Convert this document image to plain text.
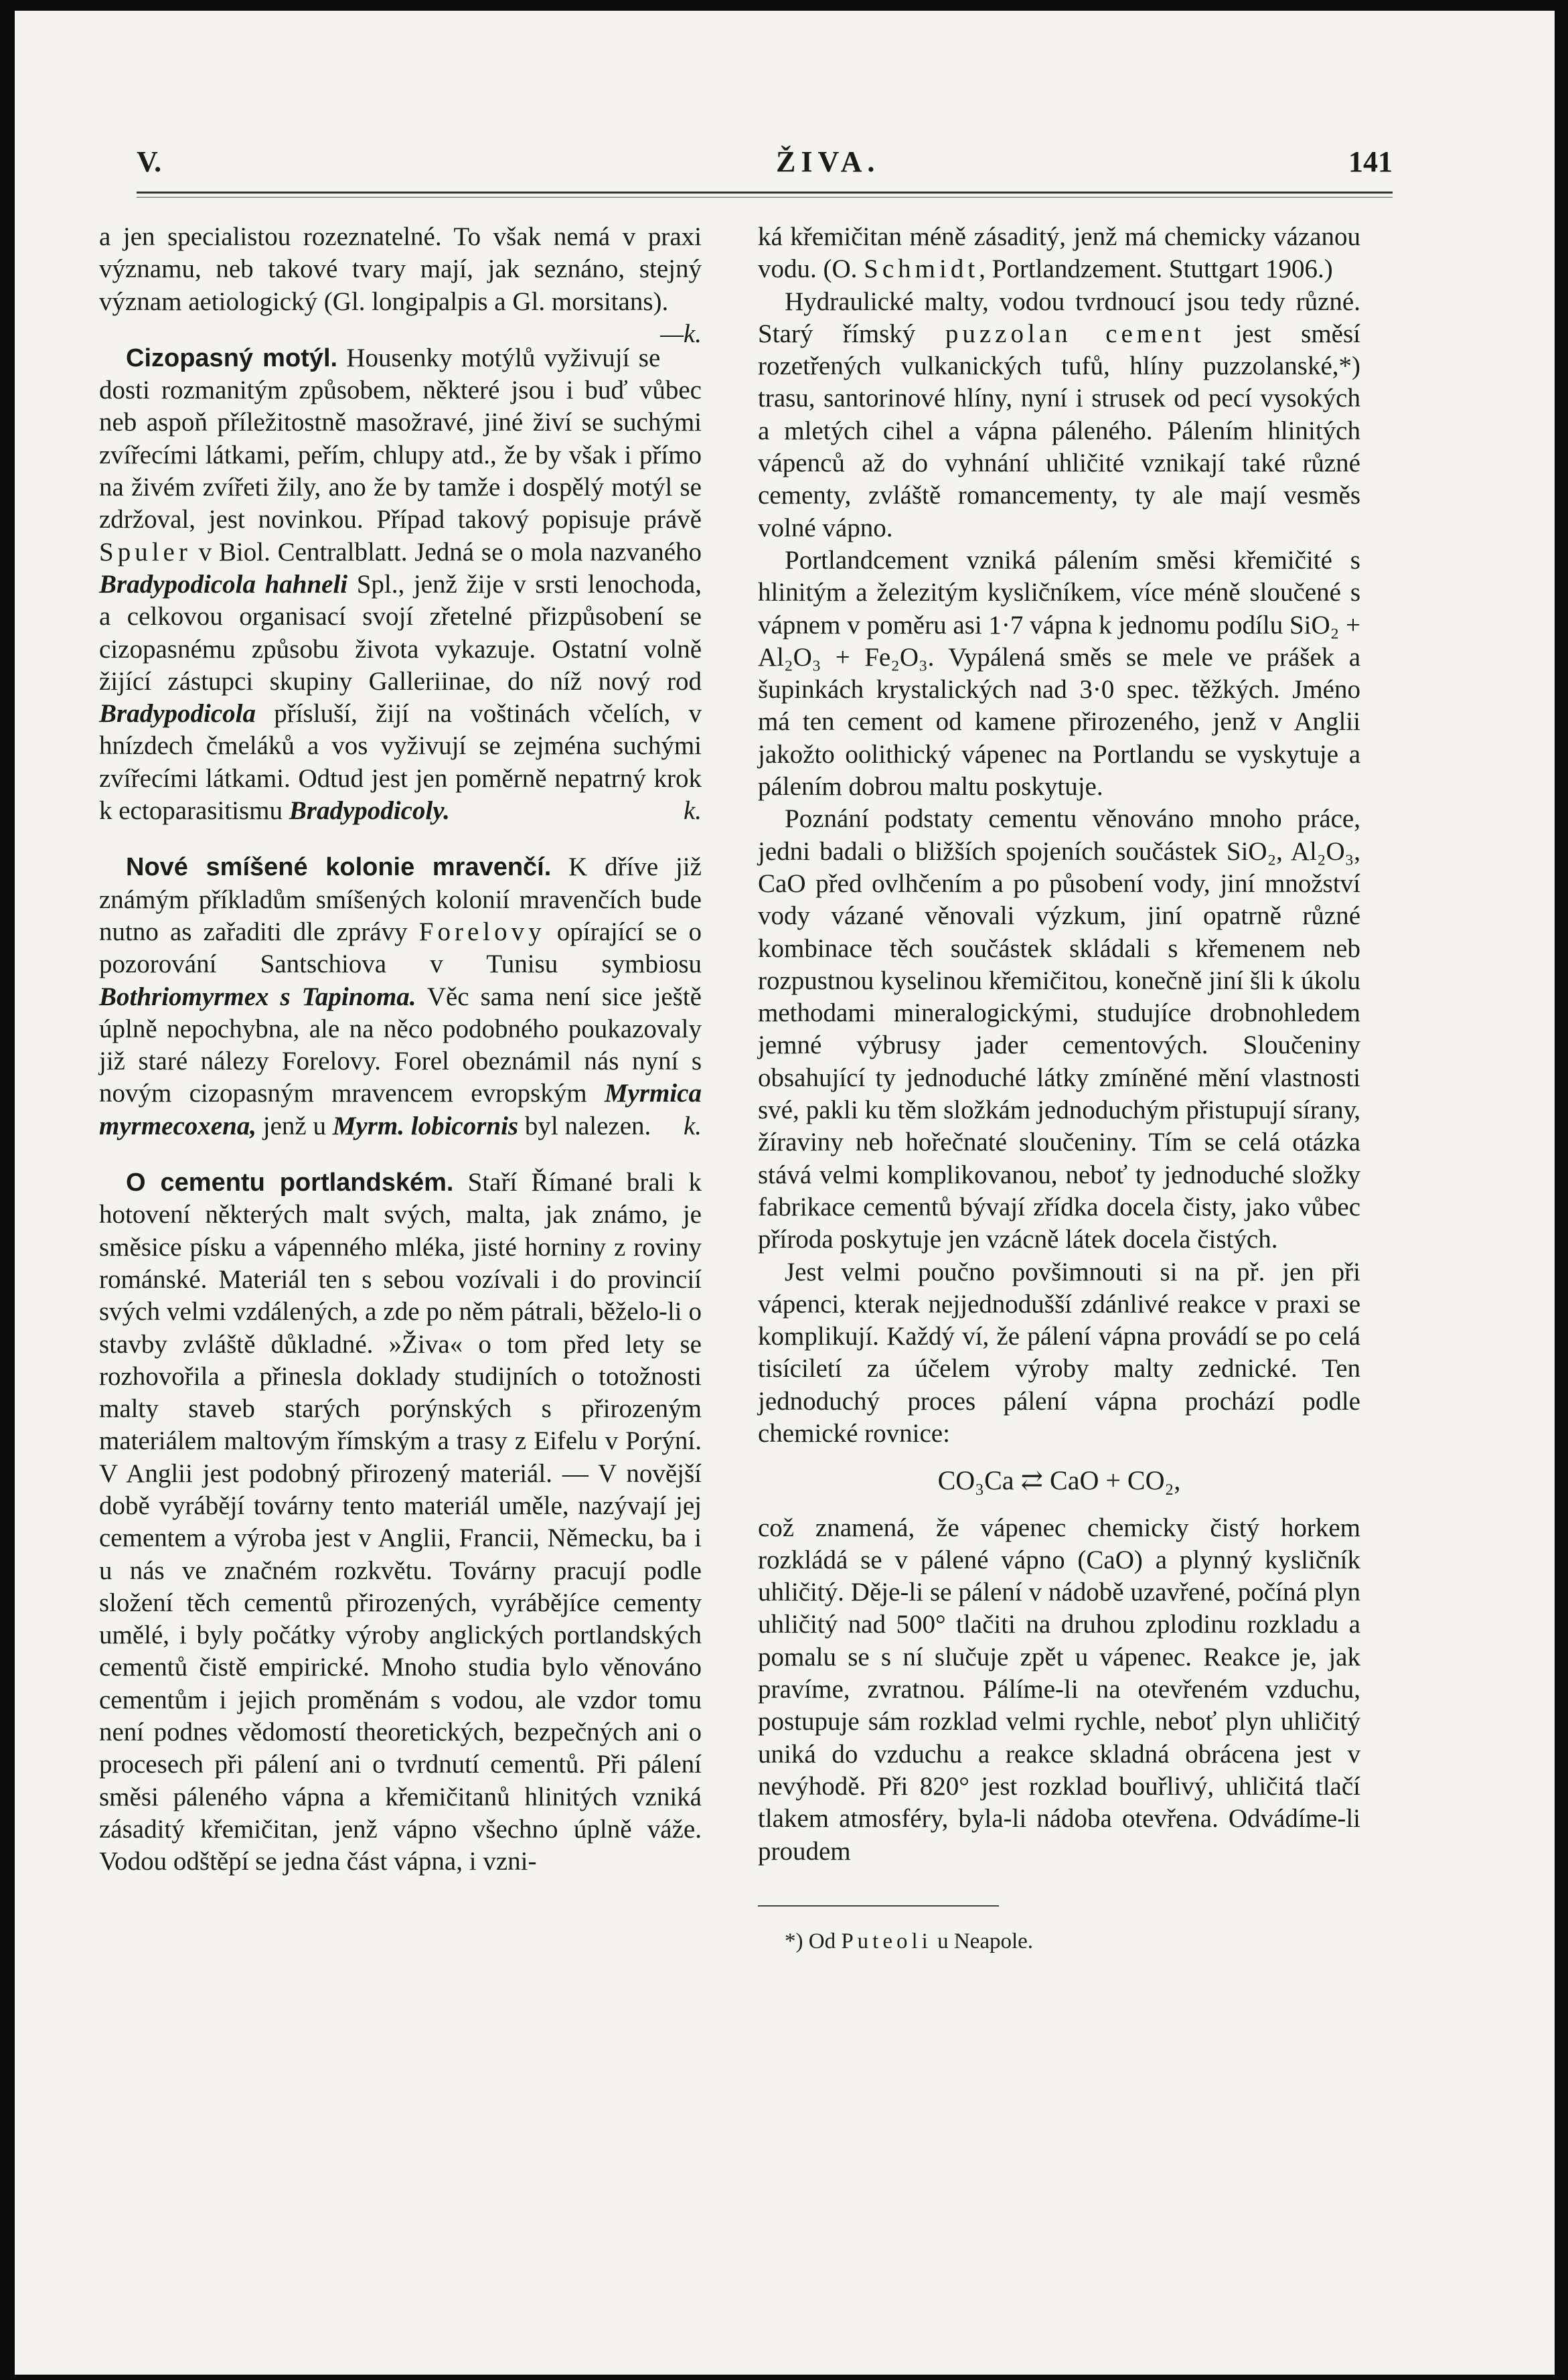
V.	ŽIVA.	141

a jen specialistou rozeznatelné. To však nemá v praxi významu, neb takové tvary mají, jak seznáno, stejný význam aetiologický (Gl. longipalpis a Gl. morsitans).
—k.

Cizopasný motýl. Housenky motýlů vyživují se dosti rozmanitým způsobem, některé jsou i buď vůbec neb aspoň příležitostně masožravé, jiné živí se suchými zvířecími látkami, peřím, chlupy atd., že by však i přímo na živém zvířeti žily, ano že by tamže i dospělý motýl se zdržoval, jest novinkou. Případ takový popisuje právě Spuler v Biol. Centralblatt. Jedná se o mola nazvaného Bradypodicola hahneli Spl., jenž žije v srsti lenochoda, a celkovou organisací svojí zřetelné přizpůsobení se cizopasnému způsobu života vykazuje. Ostatní volně žijící zástupci skupiny Galleriinae, do níž nový rod Bradypodicola přísluší, žijí na voštinách včelích, v hnízdech čmeláků a vos vyživují se zejména suchými zvířecími látkami. Odtud jest jen poměrně nepatrný krok k ectoparasitismu Bradypodicoly.	k.

Nové smíšené kolonie mravenčí. K dříve již známým příkladům smíšených kolonií mravenčích bude nutno as zařaditi dle zprávy Forelovy opírající se o pozorování Santschiova v Tunisu symbiosu Bothriomyrmex s Tapinoma. Věc sama není sice ještě úplně nepochybna, ale na něco podobného poukazovaly již staré nálezy Forelovy. Forel obeznámil nás nyní s novým cizopasným mravencem evropským Myrmica myrmecoxena, jenž u Myrm. lobicornis byl nalezen.	k.

O cementu portlandském. Staří Římané brali k hotovení některých malt svých, malta, jak známo, je směsice písku a vápenného mléka, jisté horniny z roviny románské. Materiál ten s sebou vozívali i do provincií svých velmi vzdálených, a zde po něm pátrali, běželo-li o stavby zvláště důkladné. »Živa« o tom před lety se rozhovořila a přinesla doklady studijních o totožnosti malty staveb starých porýnských s přirozeným materiálem maltovým římským a trasy z Eifelu v Porýní. V Anglii jest podobný přirozený materiál. — V novější době vyrábějí továrny tento materiál uměle, nazývají jej cementem a výroba jest v Anglii, Francii, Německu, ba i u nás ve značném rozkvětu. Továrny pracují podle složení těch cementů přirozených, vyrábějíce cementy umělé, i byly počátky výroby anglických portlandských cementů čistě empirické. Mnoho studia bylo věnováno cementům i jejich proměnám s vodou, ale vzdor tomu není podnes vědomostí theoretických, bezpečných ani o procesech při pálení ani o tvrdnutí cementů. Při pálení směsi páleného vápna a křemičitanů hlinitých vzniká zásaditý křemičitan, jenž vápno všechno úplně váže. Vodou odštěpí se jedna část vápna, i vzni-

ká křemičitan méně zásaditý, jenž má chemicky vázanou vodu. (O. Schmidt, Portlandzement. Stuttgart 1906.)

Hydraulické malty, vodou tvrdnoucí jsou tedy různé. Starý římský puzzolan cement jest směsí rozetřených vulkanických tufů, hlíny puzzolanské,*) trasu, santorinové hlíny, nyní i strusek od pecí vysokých a mletých cihel a vápna páleného. Pálením hlinitých vápenců až do vyhnání uhličité vznikají také různé cementy, zvláště romancementy, ty ale mají vesměs volné vápno.

Portlandcement vzniká pálením směsi křemičité s hlinitým a železitým kysličníkem, více méně sloučené s vápnem v poměru asi 1·7 vápna k jednomu podílu SiO₂ + Al₂O₃ + Fe₂O₃. Vypálená směs se mele ve prášek a šupinkách krystalických nad 3·0 spec. těžkých. Jméno má ten cement od kamene přirozeného, jenž v Anglii jakožto oolithický vápenec na Portlandu se vyskytuje a pálením dobrou maltu poskytuje.

Poznání podstaty cementu věnováno mnoho práce, jedni badali o bližších spojeních součástek SiO₂, Al₂O₃, CaO před ovlhčením a po působení vody, jiní množství vody vázané věnovali výzkum, jiní opatrně různé kombinace těch součástek skládali s křemenem neb rozpustnou kyselinou křemičitou, konečně jiní šli k úkolu methodami mineralogickými, studujíce drobnohledem jemné výbrusy jader cementových. Sloučeniny obsahující ty jednoduché látky zmíněné mění vlastnosti své, pakli ku těm složkám jednoduchým přistupují síranу, žíraviny neb hořečnaté sloučeniny. Tím se celá otázka stává velmi komplikovanou, neboť ty jednoduché složky fabrikace cementů bývají zřídka docela čisty, jako vůbec příroda poskytuje jen vzácně látek docela čistých.

Jest velmi poučno povšimnouti si na př. jen při vápenci, kterak nejjednodušší zdánlivé reakce v praxi se komplikují. Každý ví, že pálení vápna provádí se po celá tisíciletí za účelem výroby malty zednické. Ten jednoduchý proces pálení vápna prochází podle chemické rovnice:

CO₃Ca ⇄ CaO + CO₂,

což znamená, že vápenec chemicky čistý horkem rozkládá se v pálené vápno (CaO) a plynný kysličník uhličitý. Děje-li se pálení v nádobě uzavřené, počíná plyn uhličitý nad 500° tlačiti na druhou zplodinu rozkladu a pomalu se s ní slučuje zpět u vápenec. Reakce je, jak pravíme, zvratnou. Pálíme-li na otevřeném vzduchu, postupuje sám rozklad velmi rychle, neboť plyn uhličitý uniká do vzduchu a reakce skladná obrácena jest v nevýhodě. Při 820° jest rozklad bouřlivý, uhličitá tlačí tlakem atmosféry, byla-li nádoba otevřena. Odvádíme-li proudem

*) Od Puteoli u Neapole.
